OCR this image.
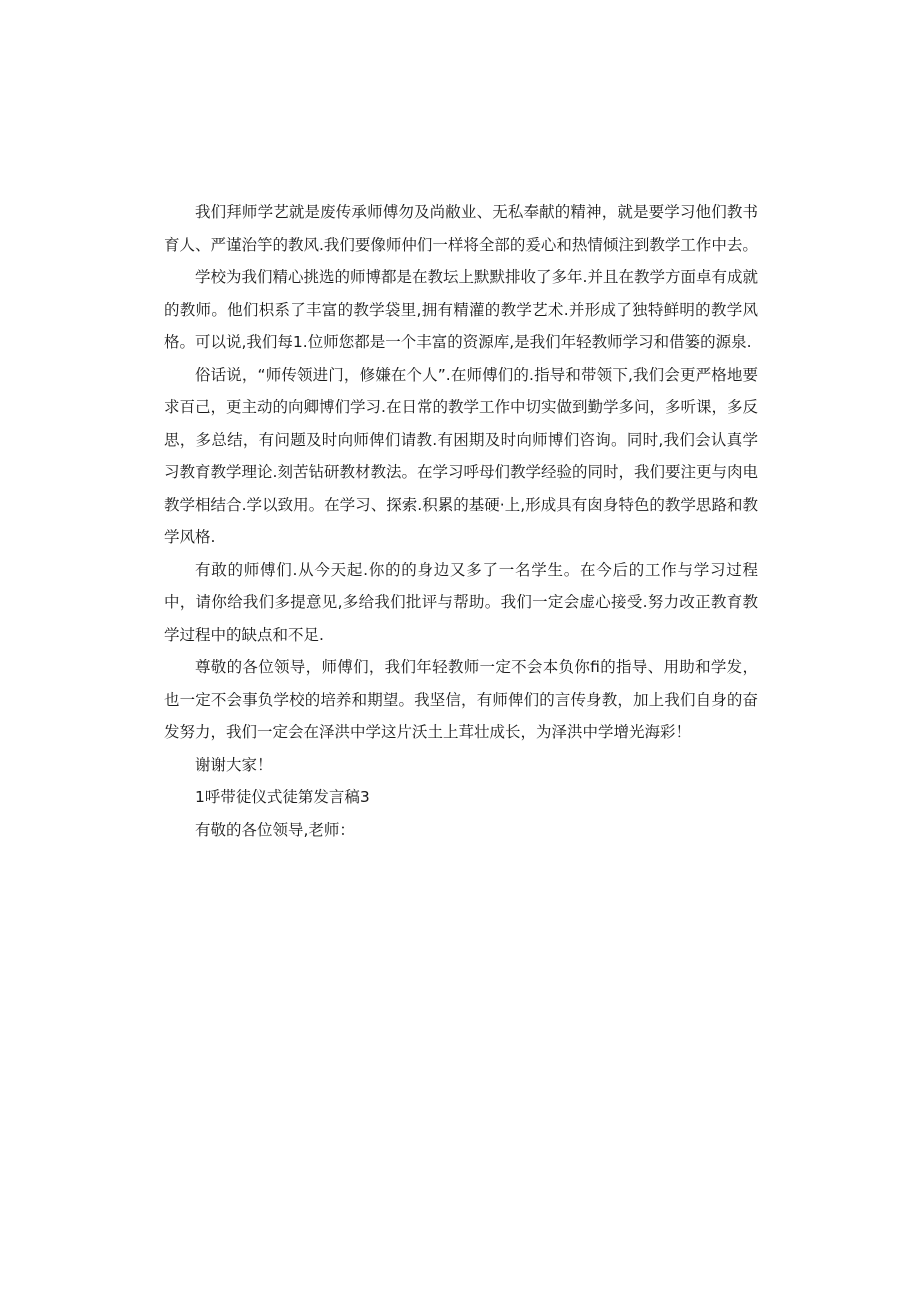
我们拜师学艺就是废传承师傅勿及尚敝业、无私奉献的精神，就是要学习他们教书育人、严谨治竽的教风.我们要像师仲们一样将全部的爰心和热情倾注到教学工作中去。

学校为我们精心挑选的师博都是在教坛上默默排收了多年.并且在教学方面卓有成就的教师。他们枳系了丰富的教学袋里,拥有精灌的教学艺术.并形成了独特鲜明的教学风格。可以说,我们每1.位师您都是一个丰富的资源库,是我们年轻教师学习和借篓的源泉.

俗话说，“师传领进门，修嫌在个人”.在师傅们的.指导和带领下,我们会更严格地要求百己，更主动的向卿博们学习.在日常的教学工作中切实做到勤学多问，多听课，多反思，多总结，有问题及时向师俾们请教.有困期及时向师博们咨询。同时,我们会认真学习教育教学理论.刻苦钻研教材教法。在学习呼母们教学经验的同时，我们要注更与肉电教学相结合.学以致用。在学习、探索.积累的基硬·上,形成具有囱身特色的教学思路和教学风格.

有敢的师傅们.从今天起.你的的身边又多了一名学生。在今后的工作与学习过程中，请你给我们多提意见,多给我们批评与帮助。我们一定会虚心接受.努力改正教育教学过程中的缺点和不足.

尊敬的各位领导，师傅们，我们年轻教师一定不会本负你fi的指导、用助和学发，也一定不会事负学校的培养和期望。我坚信，有师俾们的言传身教，加上我们自身的奋发努力，我们一定会在泽洪中学这片沃土上茸壮成长，为泽洪中学增光海彩！

谢谢大家！

1呼带徒仪式徒第发言稿3

有敬的各位领导,老师：
